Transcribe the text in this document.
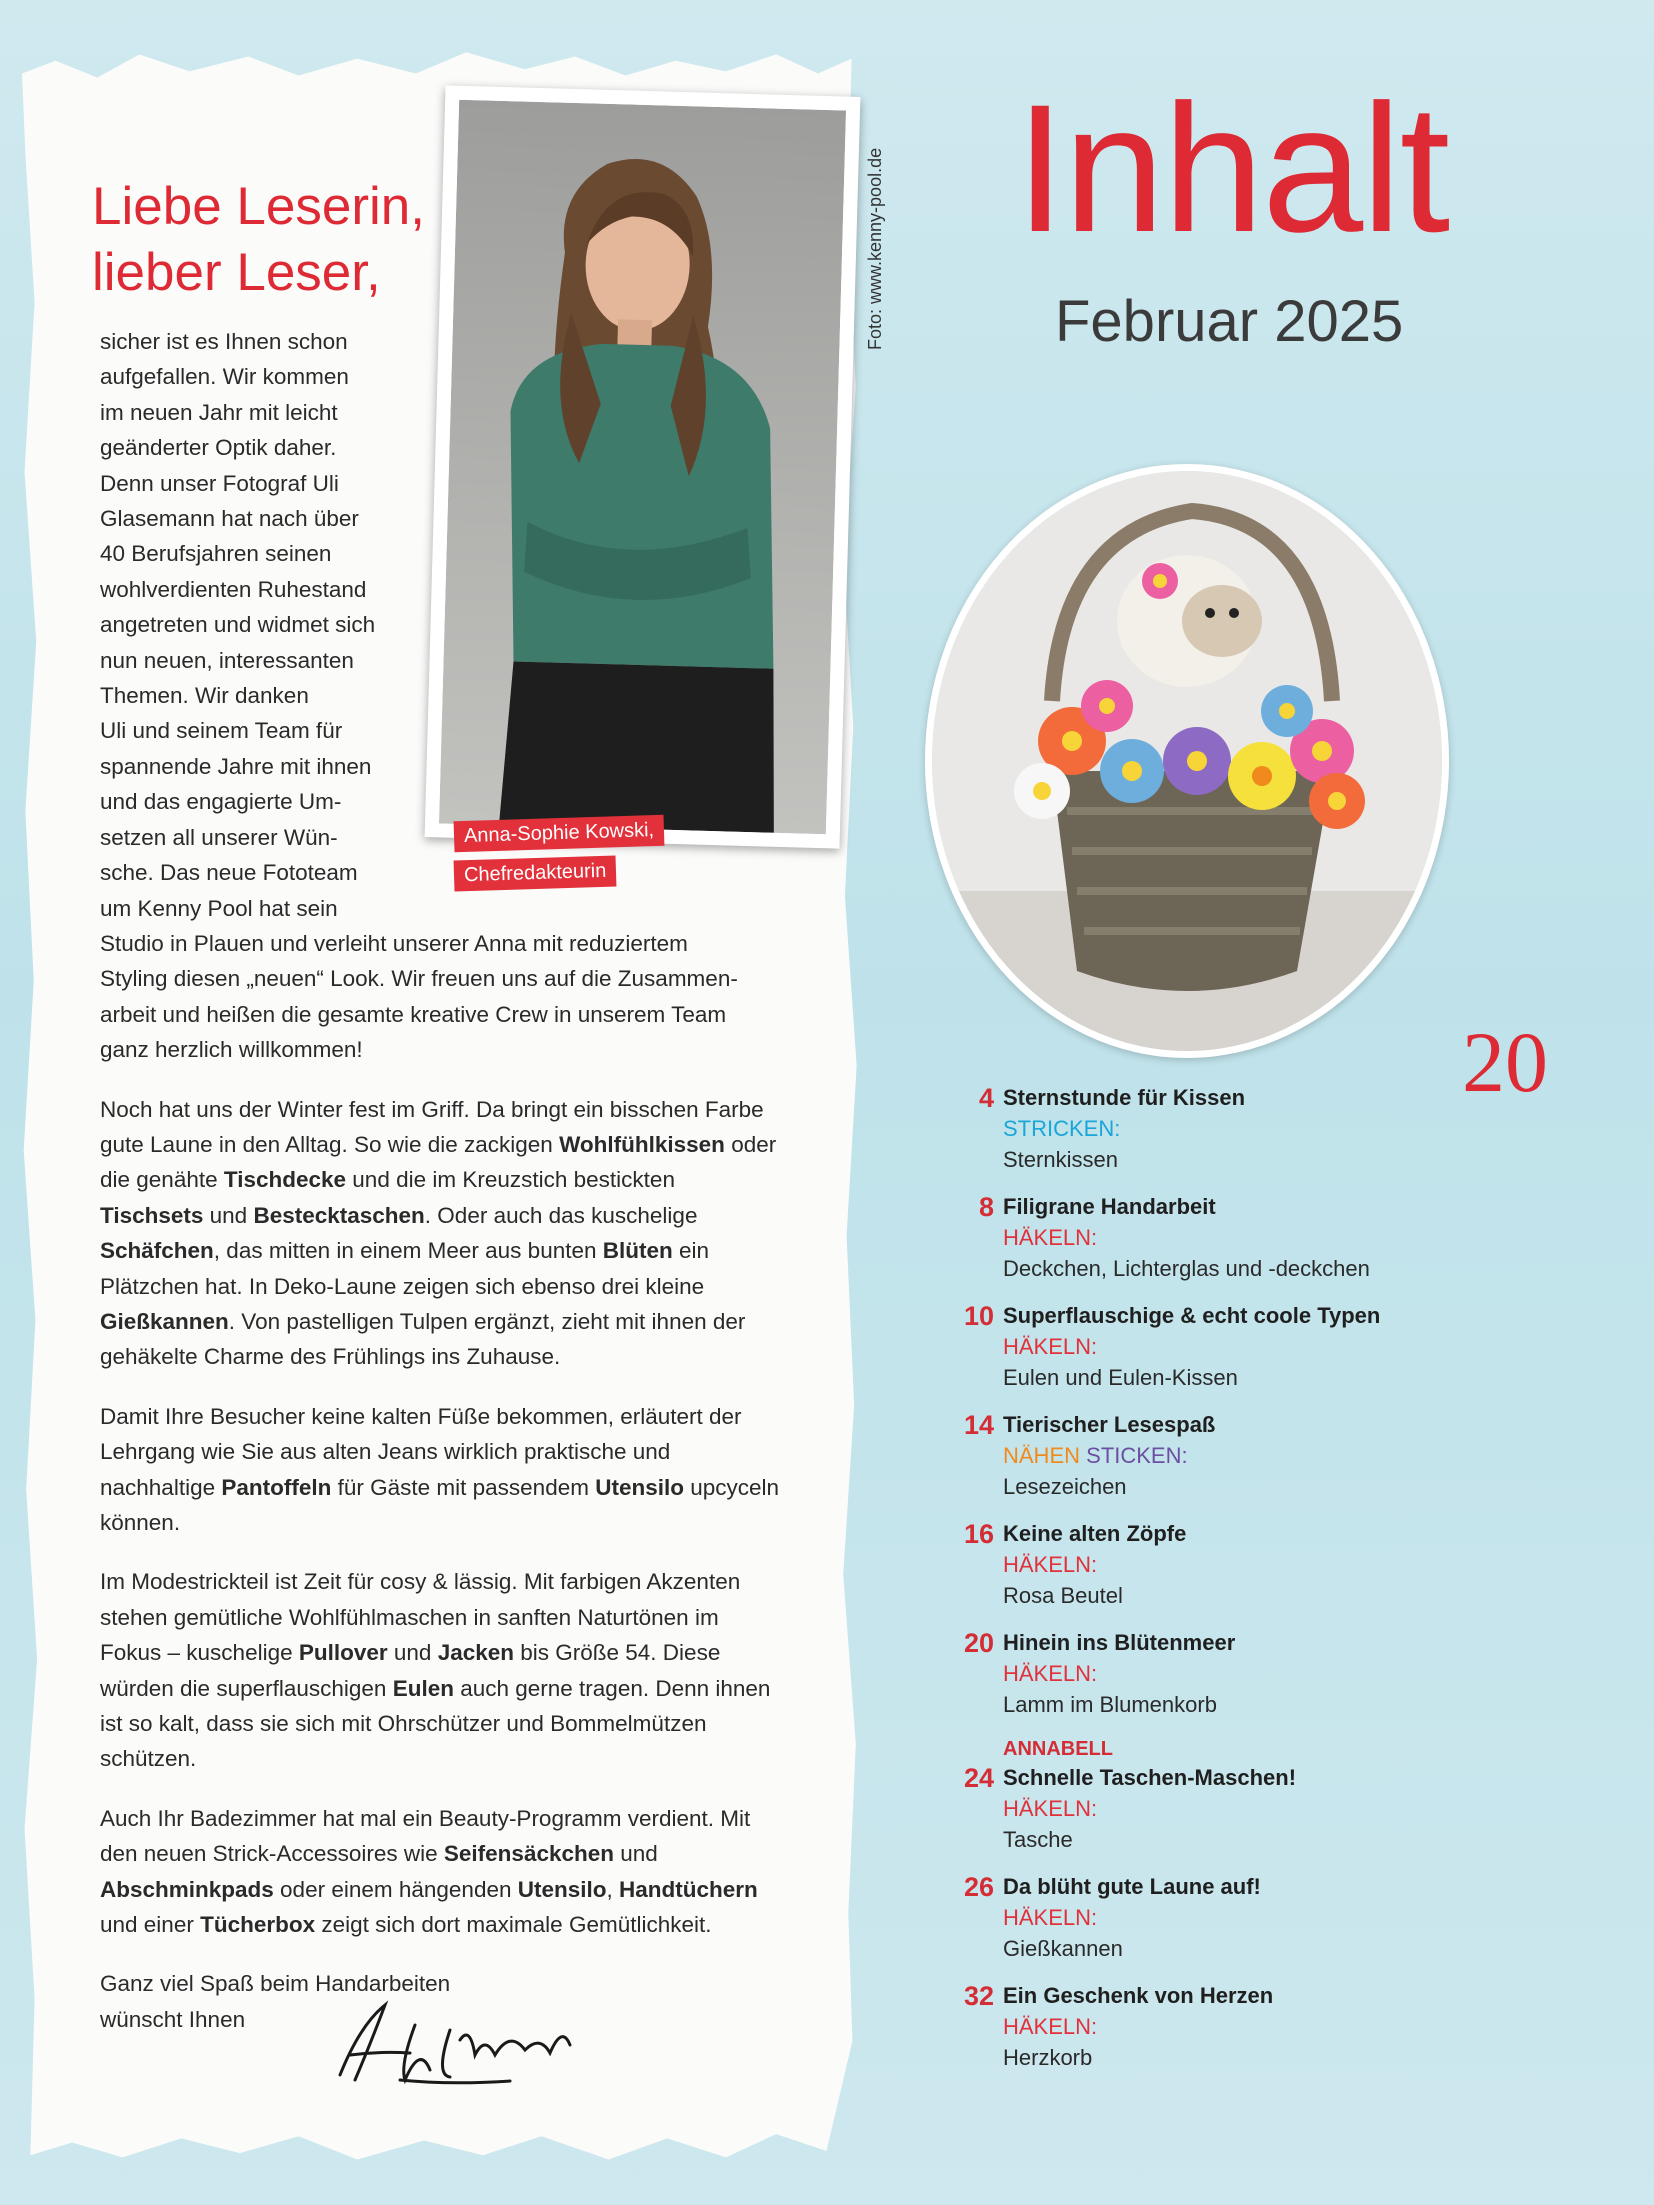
Liebe Leserin,
lieber Leser,
Anna-Sophie Kowski,
Chefredakteurin
Foto: www.kenny-pool.de

sicher ist es Ihnen schon
aufgefallen. Wir kommen
im neuen Jahr mit leicht
geänderter Optik daher.
Denn unser Fotograf Uli
Glasemann hat nach über
40 Berufsjahren seinen
wohlverdienten Ruhestand
angetreten und widmet sich
nun neuen, interessanten
Themen. Wir danken
Uli und seinem Team für
spannende Jahre mit ihnen
und das engagierte Um-
setzen all unserer Wün-
sche. Das neue Fototeam
um Kenny Pool hat sein
Studio in Plauen und verleiht unserer Anna mit reduziertem
Styling diesen „neuen“ Look. Wir freuen uns auf die Zusammen-
arbeit und heißen die gesamte kreative Crew in unserem Team
ganz herzlich willkommen!

Noch hat uns der Winter fest im Griff. Da bringt ein bisschen Farbe gute Laune in den Alltag. So wie die zackigen Wohlfühlkissen oder die genähte Tischdecke und die im Kreuzstich bestickten Tischsets und Bestecktaschen. Oder auch das kuschelige Schäfchen, das mitten in einem Meer aus bunten Blüten ein Plätzchen hat. In Deko-Laune zeigen sich ebenso drei kleine Gießkannen. Von pastelligen Tulpen ergänzt, zieht mit ihnen der gehäkelte Charme des Frühlings ins Zuhause.

Damit Ihre Besucher keine kalten Füße bekommen, erläutert der Lehrgang wie Sie aus alten Jeans wirklich praktische und nachhaltige Pantoffeln für Gäste mit passendem Utensilo upcyceln können.

Im Modestrickteil ist Zeit für cosy & lässig. Mit farbigen Akzenten stehen gemütliche Wohlfühlmaschen in sanften Naturtönen im Fokus – kuschelige Pullover und Jacken bis Größe 54. Diese würden die superflauschigen Eulen auch gerne tragen. Denn ihnen ist so kalt, dass sie sich mit Ohrschützer und Bommelmützen schützen.

Auch Ihr Badezimmer hat mal ein Beauty-Programm verdient. Mit den neuen Strick-Accessoires wie Seifensäckchen und Abschminkpads oder einem hängenden Utensilo, Handtüchern und einer Tücherbox zeigt sich dort maximale Gemütlichkeit.

Ganz viel Spaß beim Handarbeiten
wünscht Ihnen

Inhalt
Februar 2025
20
4 Sternstunde für Kissen
STRICKEN:
Sternkissen
8 Filigrane Handarbeit
HÄKELN:
Deckchen, Lichterglas und -deckchen
10 Superflauschige & echt coole Typen
HÄKELN:
Eulen und Eulen-Kissen
14 Tierischer Lesespaß
NÄHEN STICKEN:
Lesezeichen
16 Keine alten Zöpfe
HÄKELN:
Rosa Beutel
20 Hinein ins Blütenmeer
HÄKELN:
Lamm im Blumenkorb
ANNABELL
24 Schnelle Taschen-Maschen!
HÄKELN:
Tasche
26 Da blüht gute Laune auf!
HÄKELN:
Gießkannen
32 Ein Geschenk von Herzen
HÄKELN:
Herzkorb
